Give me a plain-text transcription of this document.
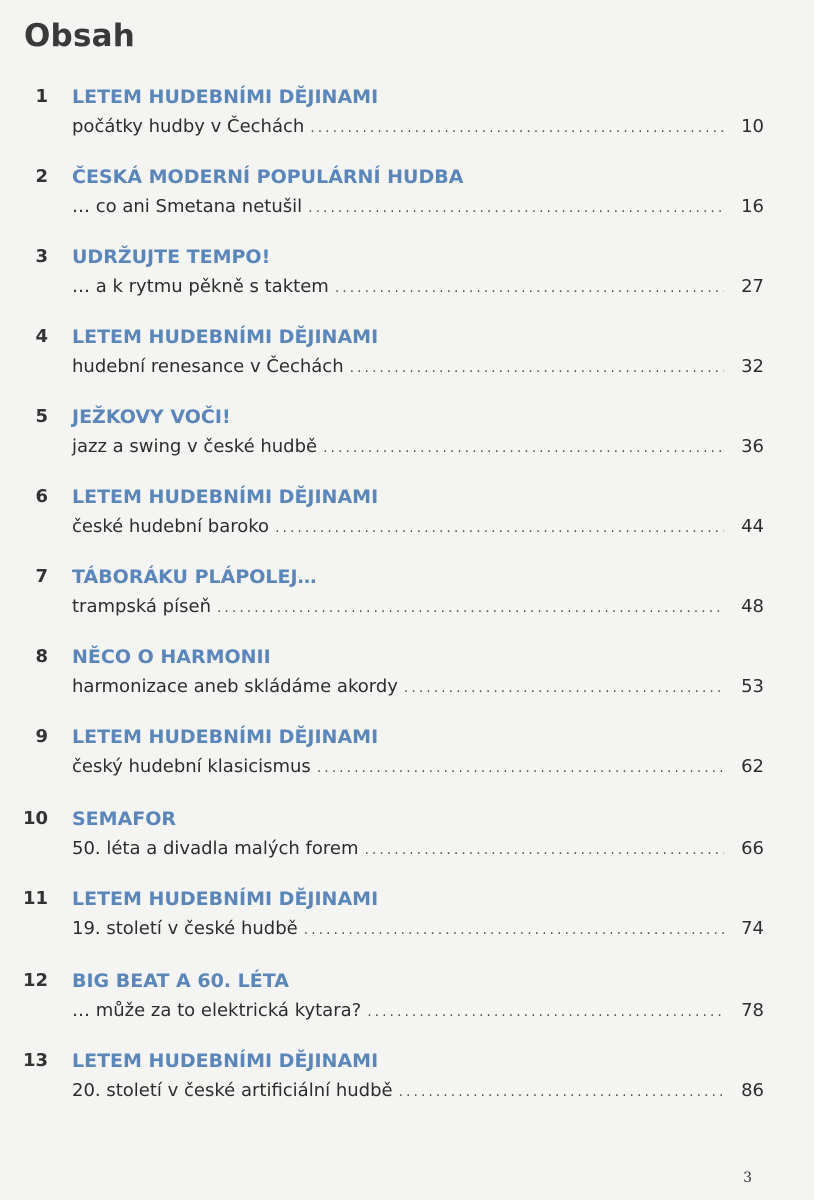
Obsah
1 LETEM HUDEBNÍMI DĚJINAMI
počátky hudby v Čechách .....	10
2 ČESKÁ MODERNÍ POPULÁRNÍ HUDBA
… co ani Smetana netušil .....	16
3 UDRŽUJTE TEMPO!
… a k rytmu pěkně s taktem .....	27
4 LETEM HUDEBNÍMI DĚJINAMI
hudební renesance v Čechách .....	32
5 JEŽKOVY VOČI!
jazz a swing v české hudbě .....	36
6 LETEM HUDEBNÍMI DĚJINAMI
české hudební baroko .....	44
7 TÁBORÁKU PLÁPOLEJ…
trampská píseň .....	48
8 NĚCO O HARMONII
harmonizace aneb skládáme akordy .....	53
9 LETEM HUDEBNÍMI DĚJINAMI
český hudební klasicismus .....	62
10 SEMAFOR
50. léta a divadla malých forem .....	66
11 LETEM HUDEBNÍMI DĚJINAMI
19. století v české hudbě .....	74
12 BIG BEAT A 60. LÉTA
… může za to elektrická kytara? .....	78
13 LETEM HUDEBNÍMI DĚJINAMI
20. století v české artificiální hudbě .....	86
3
